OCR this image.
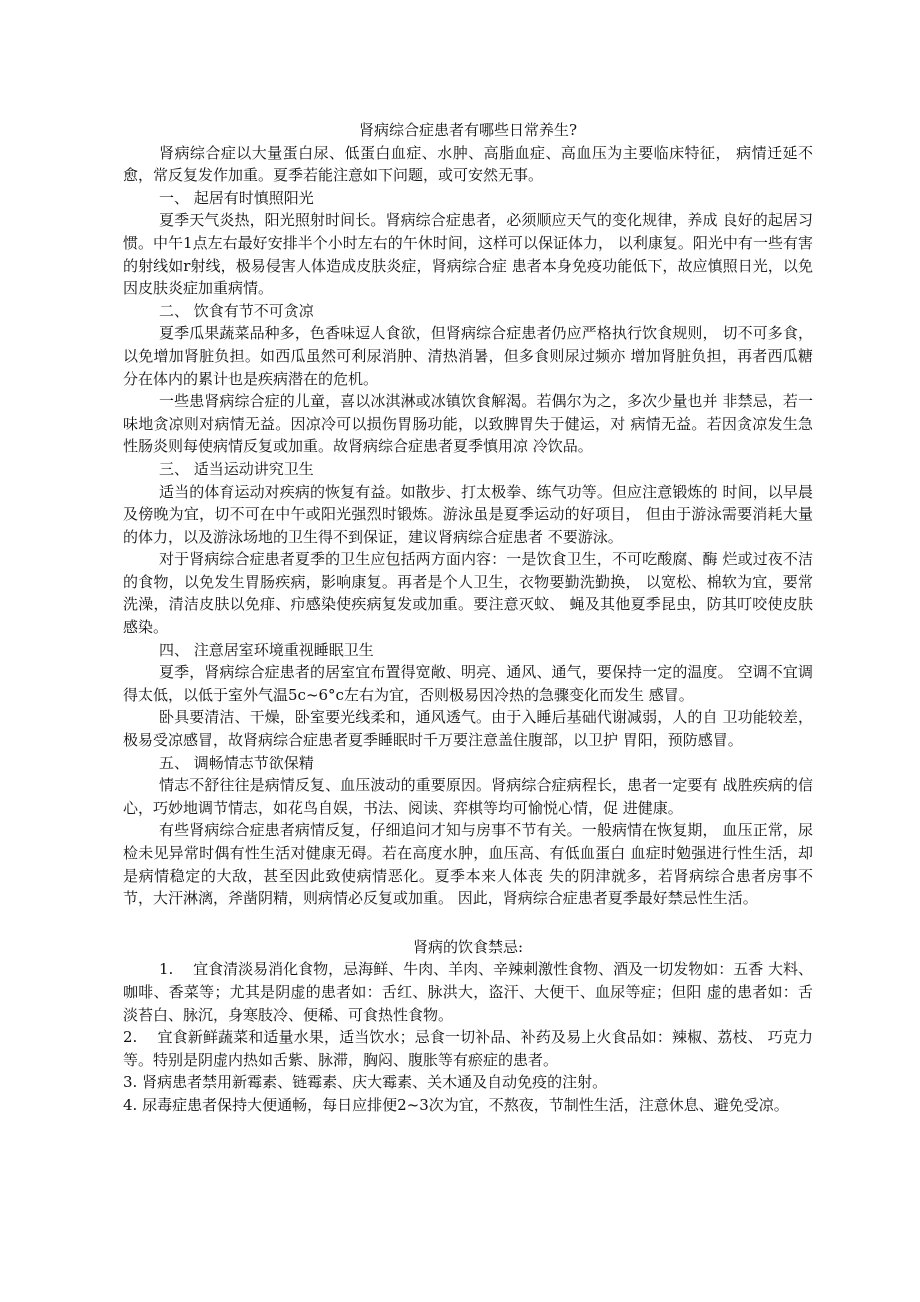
肾病综合症患者有哪些日常养生?

肾病综合症以大量蛋白尿、低蛋白血症、水肿、高脂血症、高血压为主要临床特征， 病情迁延不愈，常反复发作加重。夏季若能注意如下问题，或可安然无事。

一、 起居有时慎照阳光

夏季天气炎热，阳光照射时间长。肾病综合症患者，必须顺应天气的变化规律，养成 良好的起居习惯。中午1点左右最好安排半个小时左右的午休时间，这样可以保证体力， 以利康复。阳光中有一些有害的射线如r射线，极易侵害人体造成皮肤炎症，肾病综合症 患者本身免疫功能低下，故应慎照日光，以免因皮肤炎症加重病情。

二、 饮食有节不可贪凉

夏季瓜果蔬菜品种多，色香味逗人食欲，但肾病综合症患者仍应严格执行饮食规则， 切不可多食，以免增加肾脏负担。如西瓜虽然可利尿消肿、清热消暑，但多食则尿过频亦 增加肾脏负担，再者西瓜糖分在体内的累计也是疾病潜在的危机。

一些患肾病综合症的儿童，喜以冰淇淋或冰镇饮食解渴。若偶尔为之，多次少量也并 非禁忌，若一味地贪凉则对病情无益。因凉冷可以损伤胃肠功能，以致脾胃失于健运，对 病情无益。若因贪凉发生急性肠炎则每使病情反复或加重。故肾病综合症患者夏季慎用凉 冷饮品。

三、 适当运动讲究卫生

适当的体育运动对疾病的恢复有益。如散步、打太极拳、练气功等。但应注意锻炼的 时间，以早晨及傍晚为宜，切不可在中午或阳光强烈时锻炼。游泳虽是夏季运动的好项目， 但由于游泳需要消耗大量的体力，以及游泳场地的卫生得不到保证，建议肾病综合症患者 不要游泳。

对于肾病综合症患者夏季的卫生应包括两方面内容：一是饮食卫生，不可吃酸腐、酶 烂或过夜不洁的食物，以免发生胃肠疾病，影响康复。再者是个人卫生，衣物要勤洗勤换， 以宽松、棉软为宜，要常洗澡，清洁皮肤以免痱、疖感染使疾病复发或加重。要注意灭蚊、 蝇及其他夏季昆虫，防其叮咬使皮肤感染。

四、 注意居室环境重视睡眠卫生

夏季，肾病综合症患者的居室宜布置得宽敞、明亮、通风、通气，要保持一定的温度。 空调不宜调得太低，以低于室外气温5c~6°c左右为宜，否则极易因冷热的急骤变化而发生 感冒。

卧具要清洁、干燥，卧室要光线柔和，通风透气。由于入睡后基础代谢减弱，人的自 卫功能较差，极易受凉感冒，故肾病综合症患者夏季睡眠时千万要注意盖住腹部，以卫护 胃阳，预防感冒。

五、 调畅情志节欲保精

情志不舒往往是病情反复、血压波动的重要原因。肾病综合症病程长，患者一定要有 战胜疾病的信心，巧妙地调节情志，如花鸟自娱，书法、阅读、弈棋等均可愉悦心情，促 进健康。

有些肾病综合症患者病情反复，仔细追问才知与房事不节有关。一般病情在恢复期， 血压正常，尿检未见异常时偶有性生活对健康无碍。若在高度水肿，血压高、有低血蛋白 血症时勉强进行性生活，却是病情稳定的大敌，甚至因此致使病情恶化。夏季本来人体丧 失的阴津就多，若肾病综合患者房事不节，大汗淋漓，斧凿阴精，则病情必反复或加重。 因此，肾病综合症患者夏季最好禁忌性生活。

肾病的饮食禁忌:

1.　 宜食清淡易消化食物，忌海鲜、牛肉、羊肉、辛辣刺激性食物、酒及一切发物如：五香 大料、咖啡、香菜等；尤其是阴虚的患者如：舌红、脉洪大，盗汗、大便干、血尿等症；但阳 虚的患者如：舌淡苔白、脉沉，身寒肢冷、便稀、可食热性食物。

2.　 宜食新鲜蔬菜和适量水果，适当饮水；忌食一切补品、补药及易上火食品如：辣椒、荔枝、 巧克力等。特别是阴虚内热如舌紫、脉滞，胸闷、腹胀等有瘀症的患者。

3. 肾病患者禁用新霉素、链霉素、庆大霉素、关木通及自动免疫的注射。

4. 尿毒症患者保持大便通畅，每日应排便2~3次为宜，不熬夜，节制性生活，注意休息、避免受凉。
